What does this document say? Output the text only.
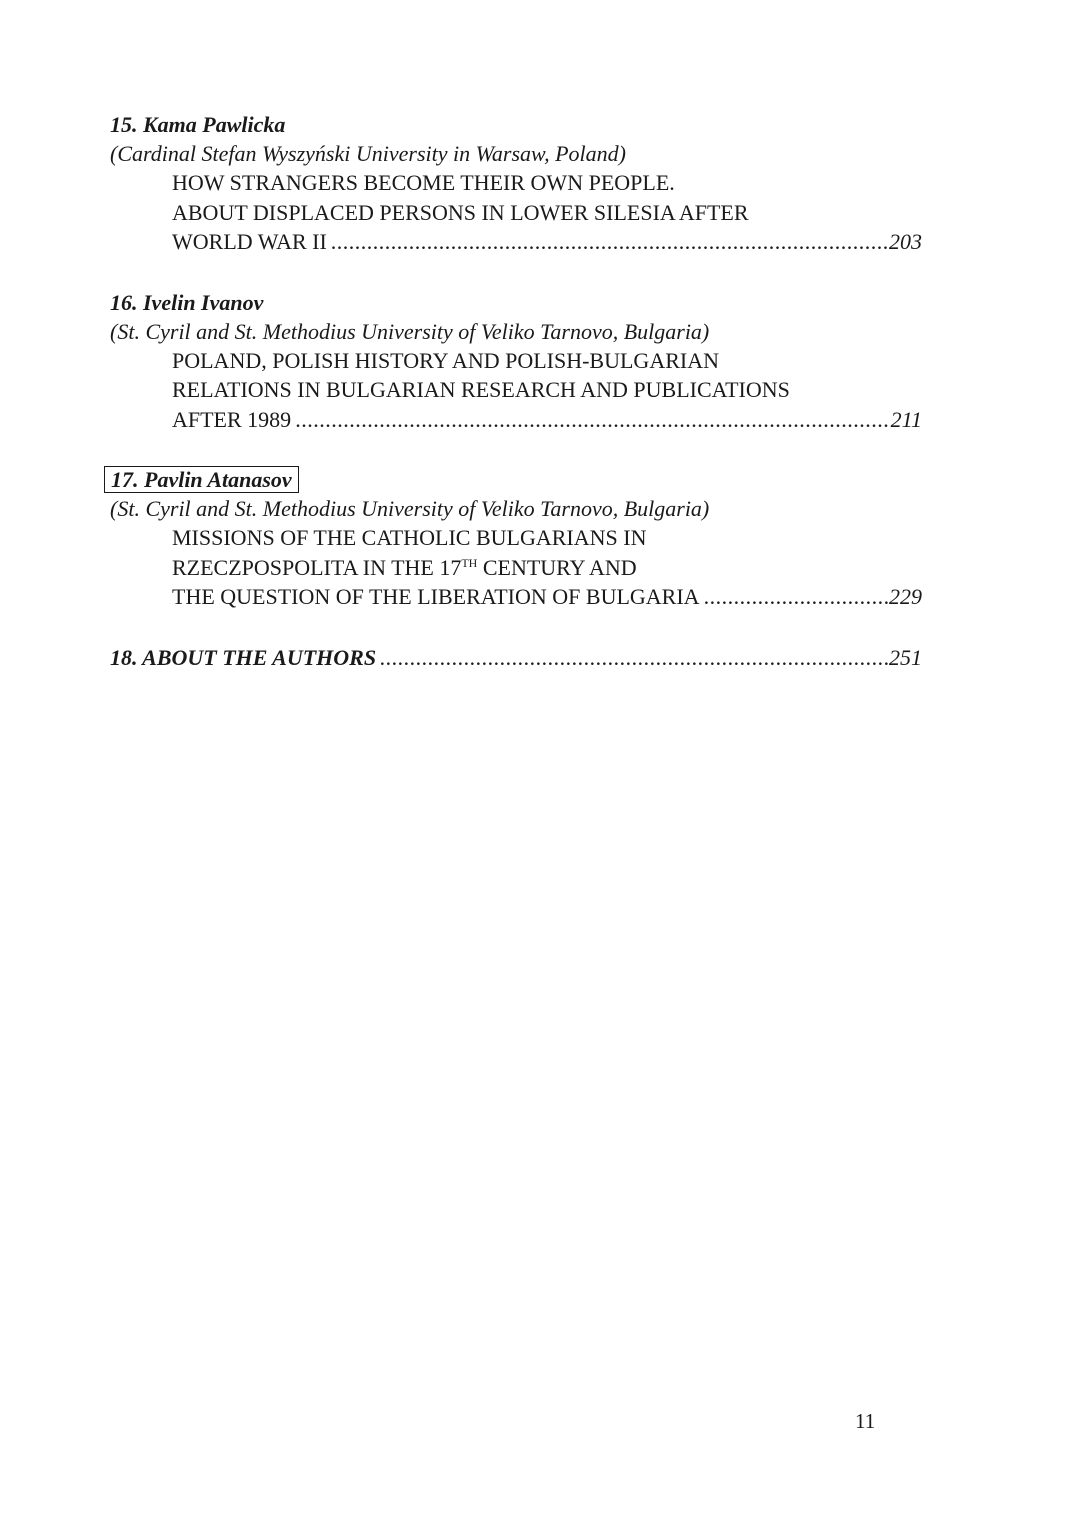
15. Kama Pawlicka
(Cardinal Stefan Wyszyński University in Warsaw, Poland)
HOW STRANGERS BECOME THEIR OWN PEOPLE.
ABOUT DISPLACED PERSONS IN LOWER SILESIA AFTER
WORLD WAR II .....	203
16. Ivelin Ivanov
(St. Cyril and St. Methodius University of Veliko Tarnovo, Bulgaria)
POLAND, POLISH HISTORY AND POLISH-BULGARIAN
RELATIONS IN BULGARIAN RESEARCH AND PUBLICATIONS
AFTER 1989 .....	211
17. Pavlin Atanasov
(St. Cyril and St. Methodius University of Veliko Tarnovo, Bulgaria)
MISSIONS OF THE CATHOLIC BULGARIANS IN
RZECZPOSPOLITA IN THE 17TH CENTURY AND
THE QUESTION OF THE LIBERATION OF BULGARIA .....	229
18. ABOUT THE AUTHORS .....	251
11
